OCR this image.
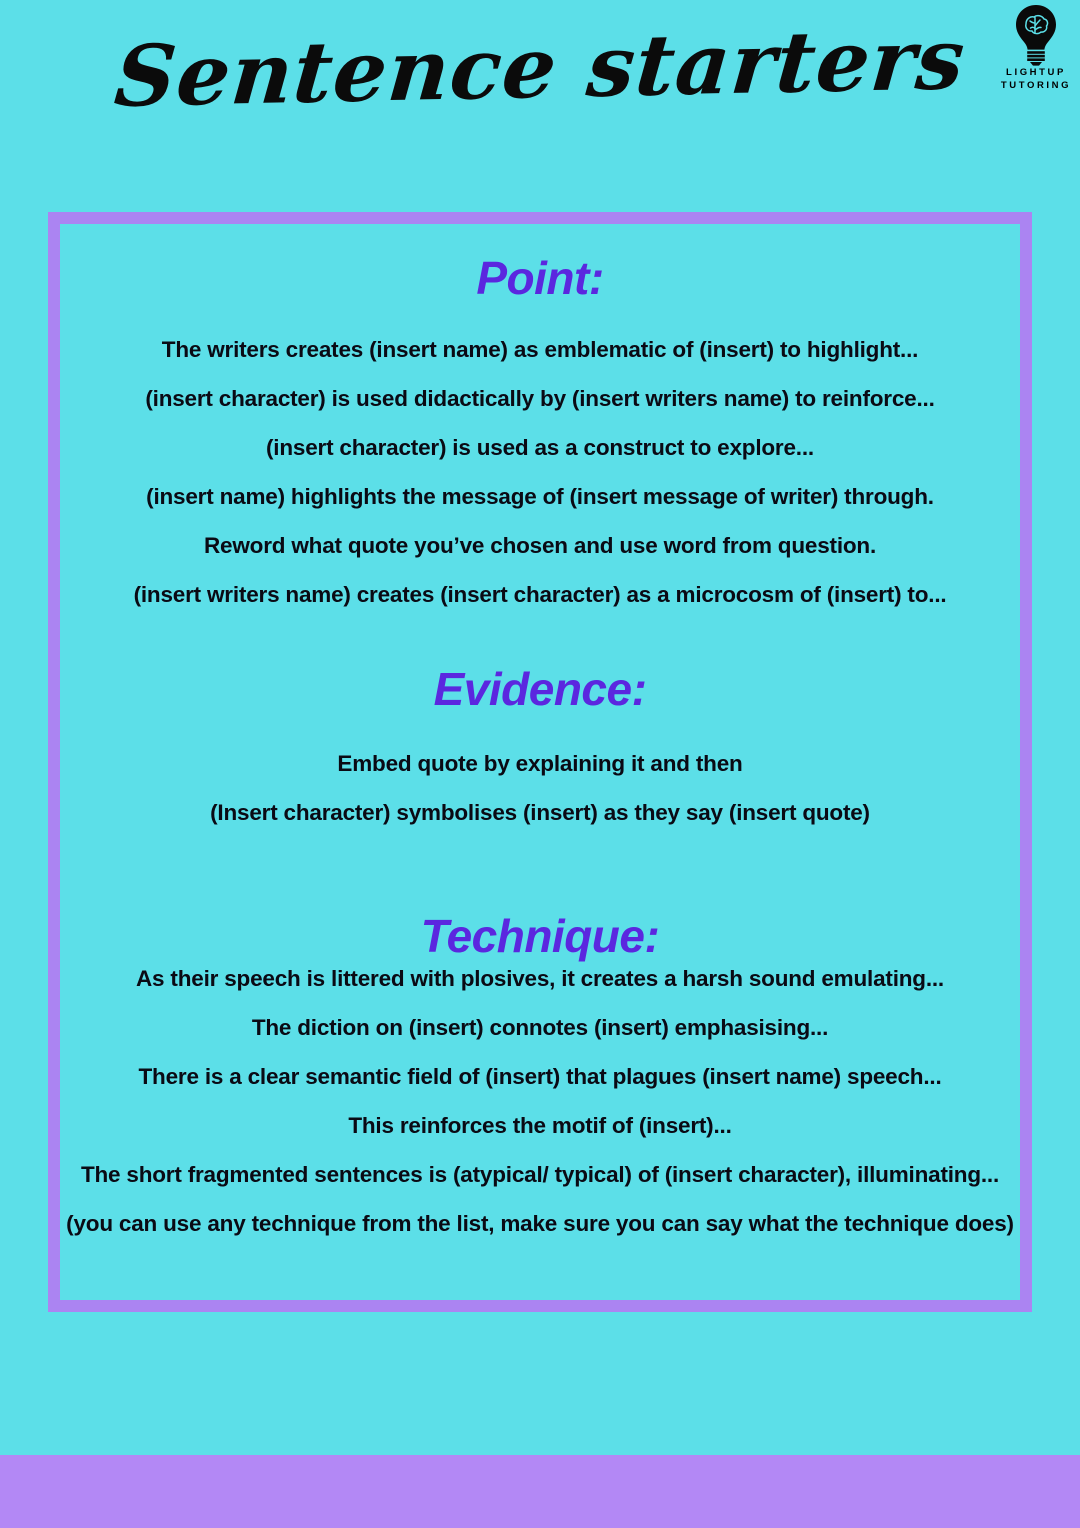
Sentence starters	LIGHTUP
TUTORING
Point:

The writers creates (insert name) as emblematic of (insert) to highlight...

(insert character) is used didactically by (insert writers name) to reinforce...

(insert character) is used as a construct to explore...

(insert name) highlights the message of (insert message of writer) through.

Reword what quote you’ve chosen and use word from question.

(insert writers name) creates (insert character) as a microcosm of (insert) to...

Evidence:

Embed quote by explaining it and then

(Insert character) symbolises (insert) as they say (insert quote)

Technique:

As their speech is littered with plosives, it creates a harsh sound emulating...

The diction on (insert) connotes (insert) emphasising...

There is a clear semantic field of (insert) that plagues (insert name) speech...

This reinforces the motif of (insert)...

The short fragmented sentences is (atypical/ typical) of (insert character), illuminating...

(you can use any technique from the list, make sure you can say what the technique does)
